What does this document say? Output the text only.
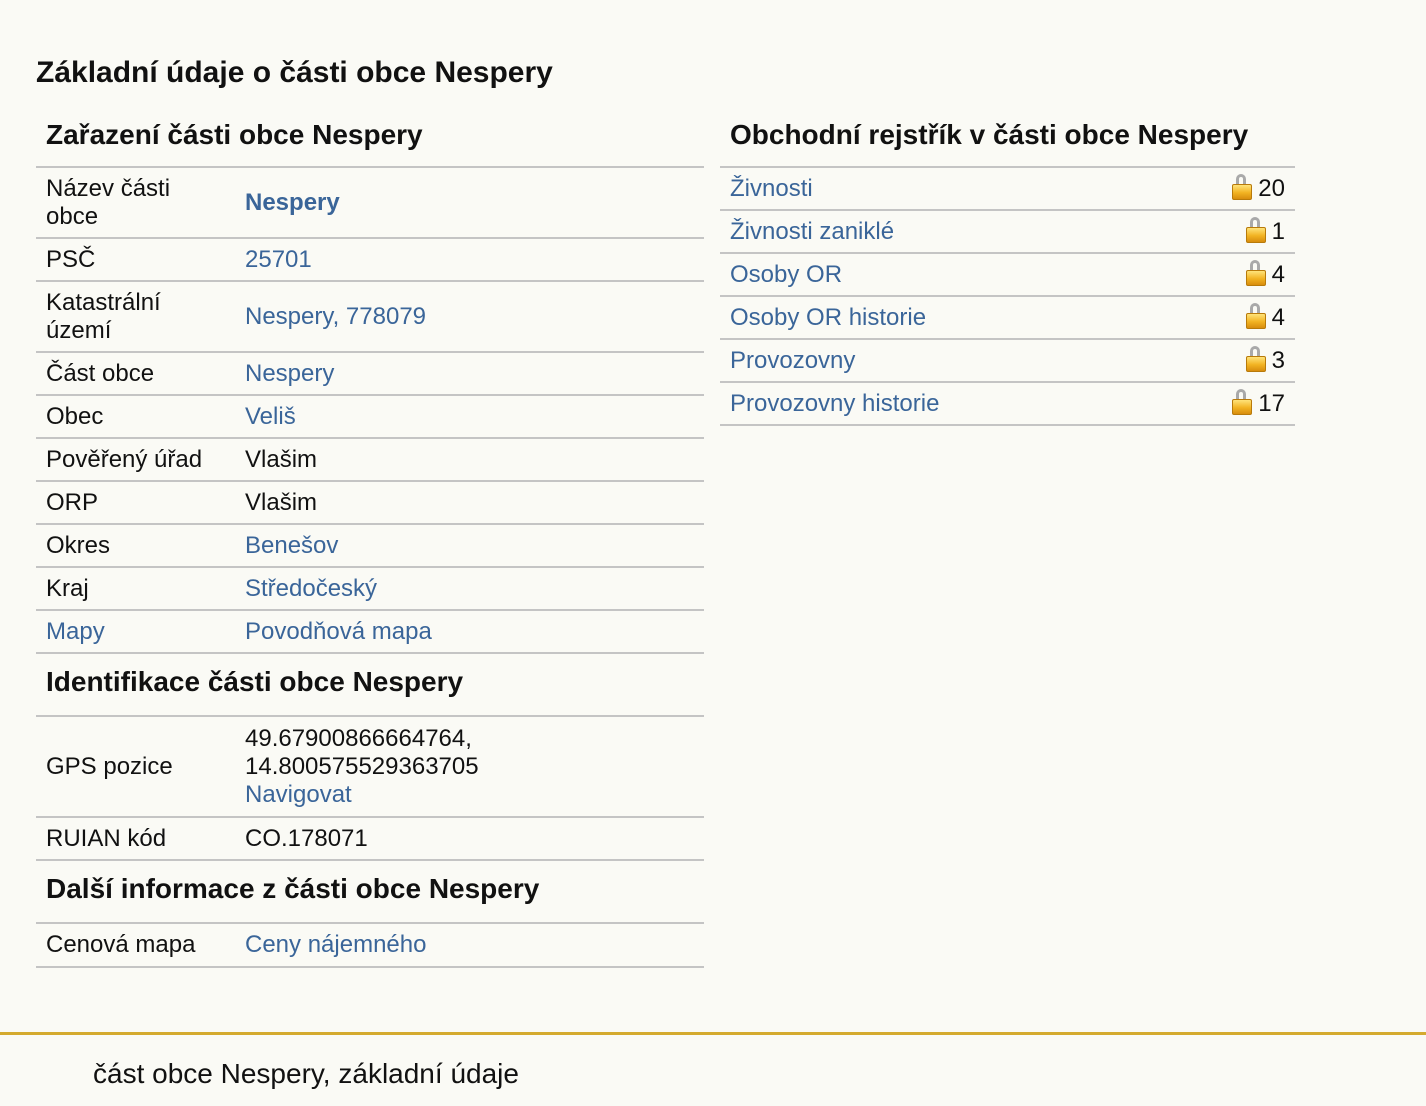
Základní údaje o části obce Nespery
Zařazení části obce Nespery
Název části obce	Nespery
PSČ	25701
Katastrální území	Nespery, 778079
Část obce	Nespery
Obec	Veliš
Pověřený úřad	Vlašim
ORP	Vlašim
Okres	Benešov
Kraj	Středočeský
Mapy	Povodňová mapa
Identifikace části obce Nespery
GPS pozice	49.67900866664764,
14.800575529363705
Navigovat
RUIAN kód	CO.178071
Další informace z části obce Nespery
Cenová mapa	Ceny nájemného
Obchodní rejstřík v části obce Nespery
Živnosti	20
Živnosti zaniklé	1
Osoby OR	4
Osoby OR historie	4
Provozovny	3
Provozovny historie	17
část obce Nespery, základní údaje
